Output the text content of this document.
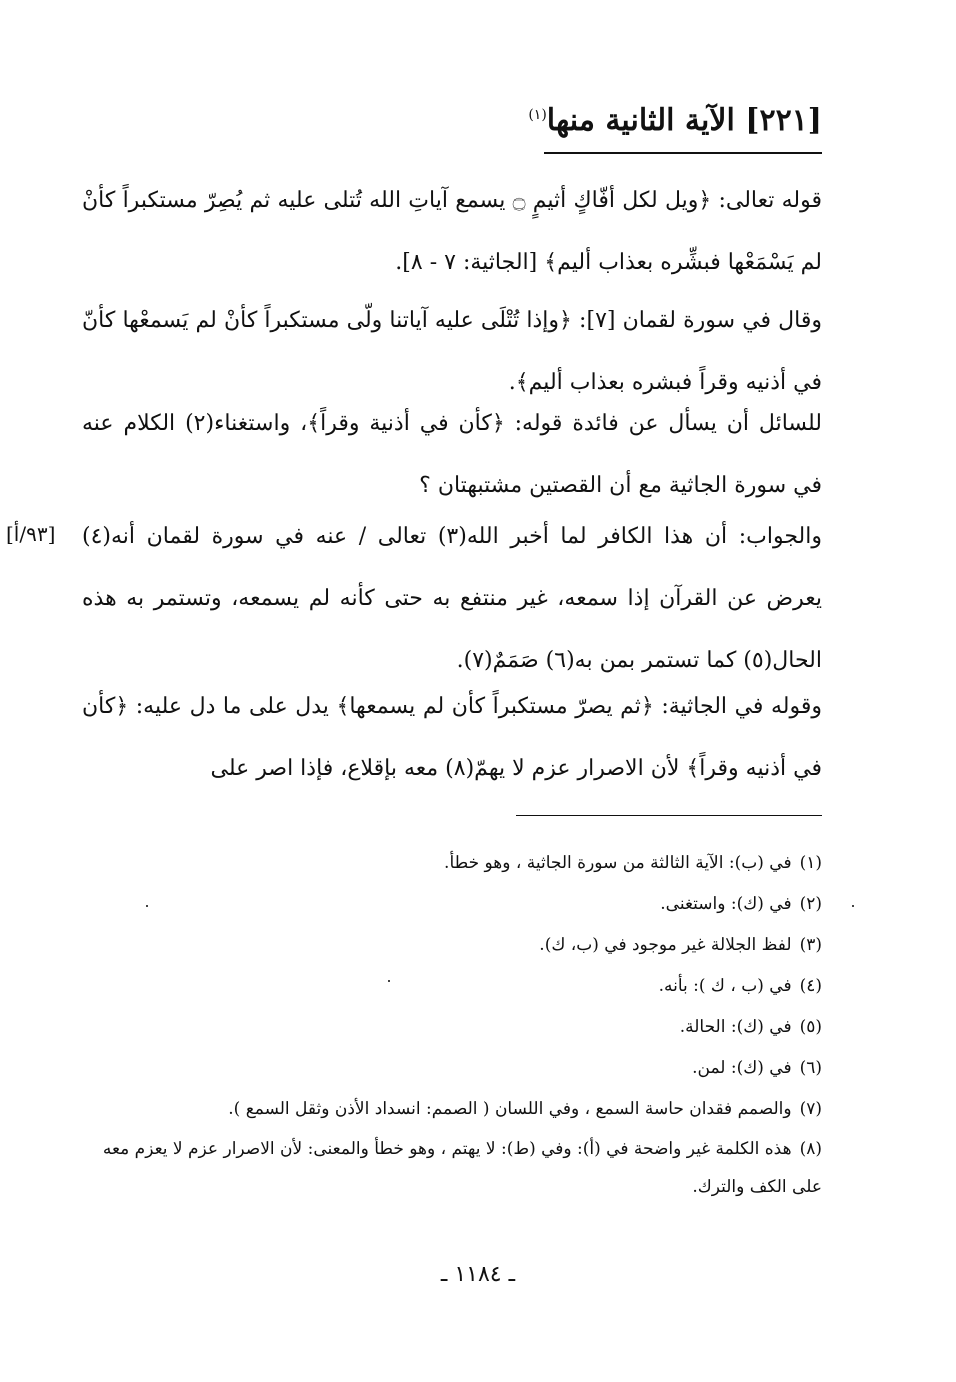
[٢٢١] الآية الثانية منها$^{(١)}$
قوله تعالى: ﴿ويل لكل أفّاكٍ أثيمٍ ۝ يسمع آياتِ الله تُتلى عليه ثم يُصِرّ مستكبراً كأنْ لم يَسْمَعْها فبشِّره بعذاب أليم﴾ [الجاثية: ٧ - ٨].
وقال في سورة لقمان [٧]: ﴿وإذا تُتْلَى عليه آياتنا ولّى مستكبراً كأنْ لم يَسمعْها كأنّ في أذنيه وقراً فبشره بعذاب أليم﴾.
للسائل أن يسأل عن فائدة قوله: ﴿كأن في أذنية وقراً﴾، واستغناء(٢) الكلام عنه في سورة الجاثية مع أن القصتين مشتبهتان ؟
والجواب: أن هذا الكافر لما أخبر الله(٣) تعالى / عنه في سورة لقمان أنه(٤) يعرض عن القرآن إذا سمعه، غير منتفع به حتى كأنه لم يسمعه، وتستمر به هذه الحال(٥) كما تستمر بمن به(٦) صَمَمٌ(٧).
وقوله في الجاثية: ﴿ثم يصرّ مستكبراً كأن لم يسمعها﴾ يدل على ما دل عليه: ﴿كأن في أذنيه وقراً﴾ لأن الاصرار عزم لا يهمّ(٨) معه بإقلاع، فإذا اصر على
[٩٣/أ]
(١)في (ب): الآية الثالثة من سورة الجاثية ، وهو خطأ.
(٢)في (ك): واستغنى.
(٣)لفظ الجلالة غير موجود في (ب، ك).
(٤)في (ب ، ك ): بأنه.
(٥)في (ك): الحالة.
(٦)في (ك): لمن.
(٧)والصمم فقدان حاسة السمع ، وفي اللسان ( الصمم: انسداد الأذن وثقل السمع ).
(٨)هذه الكلمة غير واضحة في (أ): وفي (ط): لا يهتم ، وهو خطأ والمعنى: لأن الاصرار عزم لا يعزم معه على الكف والترك.
ـ ١١٨٤ ـ
